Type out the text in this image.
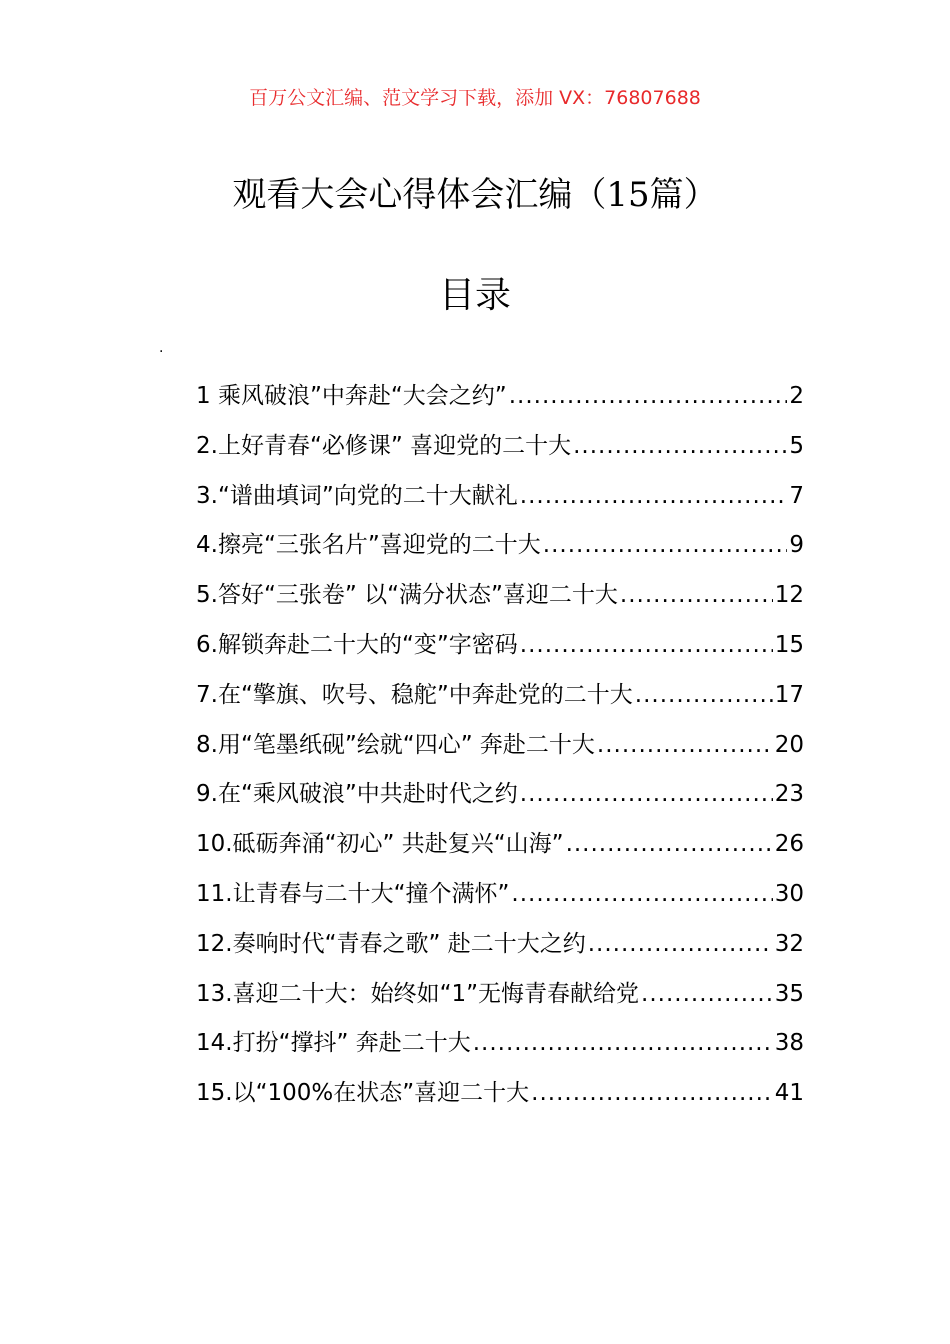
百万公文汇编、范文学习下载，添加 VX：76807688
观看大会心得体会汇编（15篇）
目录
.
1 乘风破浪”中奔赴“大会之约” .....	2
2.上好青春“必修课” 喜迎党的二十大 .....	5
3.“谱曲填词”向党的二十大献礼 .....	7
4.擦亮“三张名片”喜迎党的二十大 .....	9
5.答好“三张卷” 以“满分状态”喜迎二十大 .....	12
6.解锁奔赴二十大的“变”字密码 .....	15
7.在“擎旗、吹号、稳舵”中奔赴党的二十大 .....	17
8.用“笔墨纸砚”绘就“四心” 奔赴二十大 .....	20
9.在“乘风破浪”中共赴时代之约 .....	23
10.砥砺奔涌“初心” 共赴复兴“山海” .....	26
11.让青春与二十大“撞个满怀” .....	30
12.奏响时代“青春之歌” 赴二十大之约 .....	32
13.喜迎二十大：始终如“1”无悔青春献给党 .....	35
14.打扮“撑抖” 奔赴二十大 .....	38
15.以“100%在状态”喜迎二十大 .....	41
